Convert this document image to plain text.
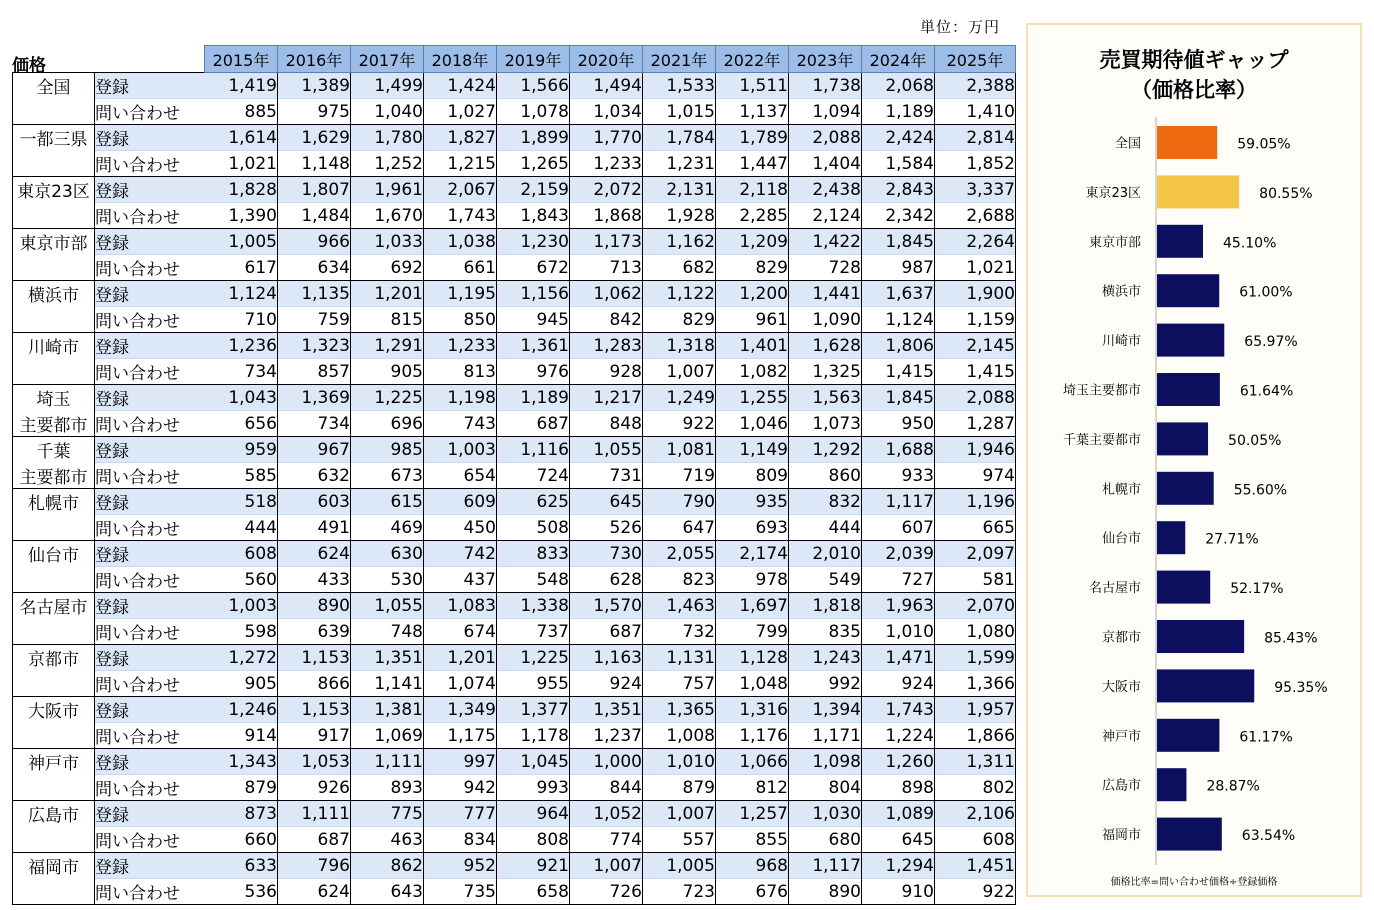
単位：万円
		2015年	2016年	2017年	2018年	2019年	2020年	2021年	2022年	2023年	2024年	2025年
全国	登録	1,419	1,389	1,499	1,424	1,566	1,494	1,533	1,511	1,738	2,068	2,388
	問い合わせ	885	975	1,040	1,027	1,078	1,034	1,015	1,137	1,094	1,189	1,410
一都三県	登録	1,614	1,629	1,780	1,827	1,899	1,770	1,784	1,789	2,088	2,424	2,814
	問い合わせ	1,021	1,148	1,252	1,215	1,265	1,233	1,231	1,447	1,404	1,584	1,852
東京23区	登録	1,828	1,807	1,961	2,067	2,159	2,072	2,131	2,118	2,438	2,843	3,337
	問い合わせ	1,390	1,484	1,670	1,743	1,843	1,868	1,928	2,285	2,124	2,342	2,688
東京市部	登録	1,005	966	1,033	1,038	1,230	1,173	1,162	1,209	1,422	1,845	2,264
	問い合わせ	617	634	692	661	672	713	682	829	728	987	1,021
横浜市	登録	1,124	1,135	1,201	1,195	1,156	1,062	1,122	1,200	1,441	1,637	1,900
	問い合わせ	710	759	815	850	945	842	829	961	1,090	1,124	1,159
川崎市	登録	1,236	1,323	1,291	1,233	1,361	1,283	1,318	1,401	1,628	1,806	2,145
	問い合わせ	734	857	905	813	976	928	1,007	1,082	1,325	1,415	1,415
埼玉	登録	1,043	1,369	1,225	1,198	1,189	1,217	1,249	1,255	1,563	1,845	2,088
主要都市	問い合わせ	656	734	696	743	687	848	922	1,046	1,073	950	1,287
千葉	登録	959	967	985	1,003	1,116	1,055	1,081	1,149	1,292	1,688	1,946
主要都市	問い合わせ	585	632	673	654	724	731	719	809	860	933	974
札幌市	登録	518	603	615	609	625	645	790	935	832	1,117	1,196
	問い合わせ	444	491	469	450	508	526	647	693	444	607	665
仙台市	登録	608	624	630	742	833	730	2,055	2,174	2,010	2,039	2,097
	問い合わせ	560	433	530	437	548	628	823	978	549	727	581
名古屋市	登録	1,003	890	1,055	1,083	1,338	1,570	1,463	1,697	1,818	1,963	2,070
	問い合わせ	598	639	748	674	737	687	732	799	835	1,010	1,080
京都市	登録	1,272	1,153	1,351	1,201	1,225	1,163	1,131	1,128	1,243	1,471	1,599
	問い合わせ	905	866	1,141	1,074	955	924	757	1,048	992	924	1,366
大阪市	登録	1,246	1,153	1,381	1,349	1,377	1,351	1,365	1,316	1,394	1,743	1,957
	問い合わせ	914	917	1,069	1,175	1,178	1,237	1,008	1,176	1,171	1,224	1,866
神戸市	登録	1,343	1,053	1,111	997	1,045	1,000	1,010	1,066	1,098	1,260	1,311
	問い合わせ	879	926	893	942	993	844	879	812	804	898	802
広島市	登録	873	1,111	775	777	964	1,052	1,007	1,257	1,030	1,089	2,106
	問い合わせ	660	687	463	834	808	774	557	855	680	645	608
福岡市	登録	633	796	862	952	921	1,007	1,005	968	1,117	1,294	1,451
	問い合わせ	536	624	643	735	658	726	723	676	890	910	922
価格	売買期待値ギャップ
（価格比率）
全国	59.05%
東京23区	80.55%
東京市部	45.10%
横浜市	61.00%
川崎市	65.97%
埼玉主要都市	61.64%
千葉主要都市	50.05%
札幌市	55.60%
仙台市	27.71%
名古屋市	52.17%
京都市	85.43%
大阪市	95.35%
神戸市	61.17%
広島市	28.87%
福岡市	63.54%
価格比率=問い合わせ価格÷登録価格
